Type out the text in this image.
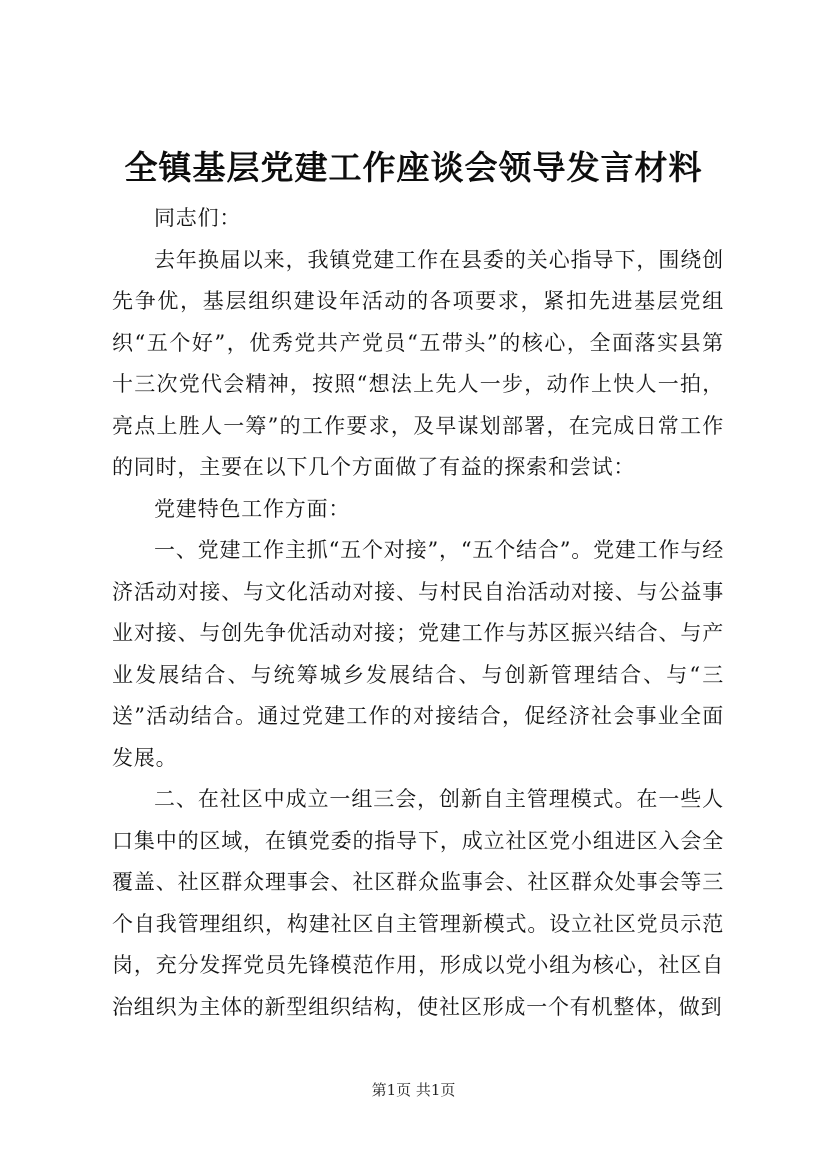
全镇基层党建工作座谈会领导发言材料

同志们：

去年换届以来，我镇党建工作在县委的关心指导下，围绕创先争优，基层组织建设年活动的各项要求，紧扣先进基层党组织“五个好”，优秀党共产党员“五带头”的核心，全面落实县第十三次党代会精神，按照“想法上先人一步，动作上快人一拍，亮点上胜人一筹”的工作要求，及早谋划部署，在完成日常工作的同时，主要在以下几个方面做了有益的探索和尝试：

党建特色工作方面：

一、党建工作主抓“五个对接”，“五个结合”。党建工作与经济活动对接、与文化活动对接、与村民自治活动对接、与公益事业对接、与创先争优活动对接；党建工作与苏区振兴结合、与产业发展结合、与统筹城乡发展结合、与创新管理结合、与“三送”活动结合。通过党建工作的对接结合，促经济社会事业全面发展。

二、在社区中成立一组三会，创新自主管理模式。在一些人口集中的区域，在镇党委的指导下，成立社区党小组进区入会全覆盖、社区群众理事会、社区群众监事会、社区群众处事会等三个自我管理组织，构建社区自主管理新模式。设立社区党员示范岗，充分发挥党员先锋模范作用，形成以党小组为核心，社区自治组织为主体的新型组织结构，使社区形成一个有机整体，做到

第1页 共1页
